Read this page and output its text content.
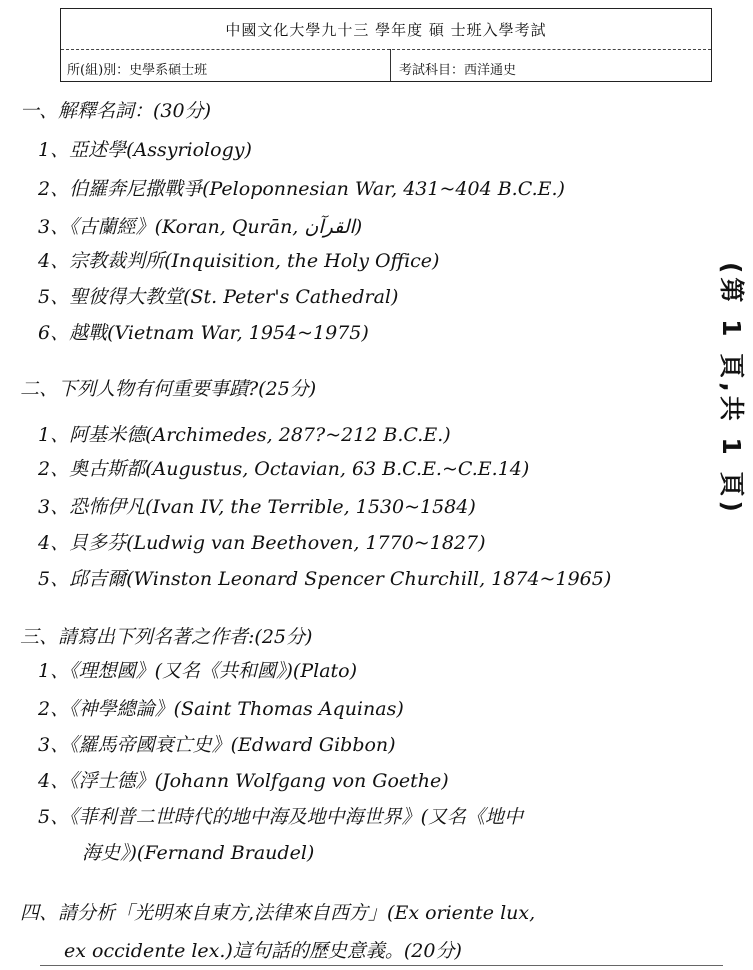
中國文化大學九十三 學年度 碩 士班入學考試
所(組)別：史學系碩士班	考試科目：西洋通史
一、解釋名詞：(30分)
1、亞述學(Assyriology)
2、伯羅奔尼撒戰爭(Peloponnesian War, 431~404 B.C.E.)
3、《古蘭經》(Koran, Qurān, القرآن)
4、宗教裁判所(Inquisition, the Holy Office)
5、聖彼得大教堂(St. Peter's Cathedral)
6、越戰(Vietnam War, 1954~1975)
二、下列人物有何重要事蹟?(25分)
1、阿基米德(Archimedes, 287?~212 B.C.E.)
2、奧古斯都(Augustus, Octavian, 63 B.C.E.~C.E.14)
3、恐怖伊凡(Ivan IV, the Terrible, 1530~1584)
4、貝多芬(Ludwig van Beethoven, 1770~1827)
5、邱吉爾(Winston Leonard Spencer Churchill, 1874~1965)
三、請寫出下列名著之作者:(25分)
1、《理想國》(又名《共和國》)(Plato)
2、《神學總論》(Saint Thomas Aquinas)
3、《羅馬帝國衰亡史》(Edward Gibbon)
4、《浮士德》(Johann Wolfgang von Goethe)
5、《菲利普二世時代的地中海及地中海世界》(又名《地中
海史》)(Fernand Braudel)
四、請分析「光明來自東方,法律來自西方」(Ex oriente lux,
ex occidente lex.)這句話的歷史意義。(20分)
(第 1 頁,共 1 頁)
